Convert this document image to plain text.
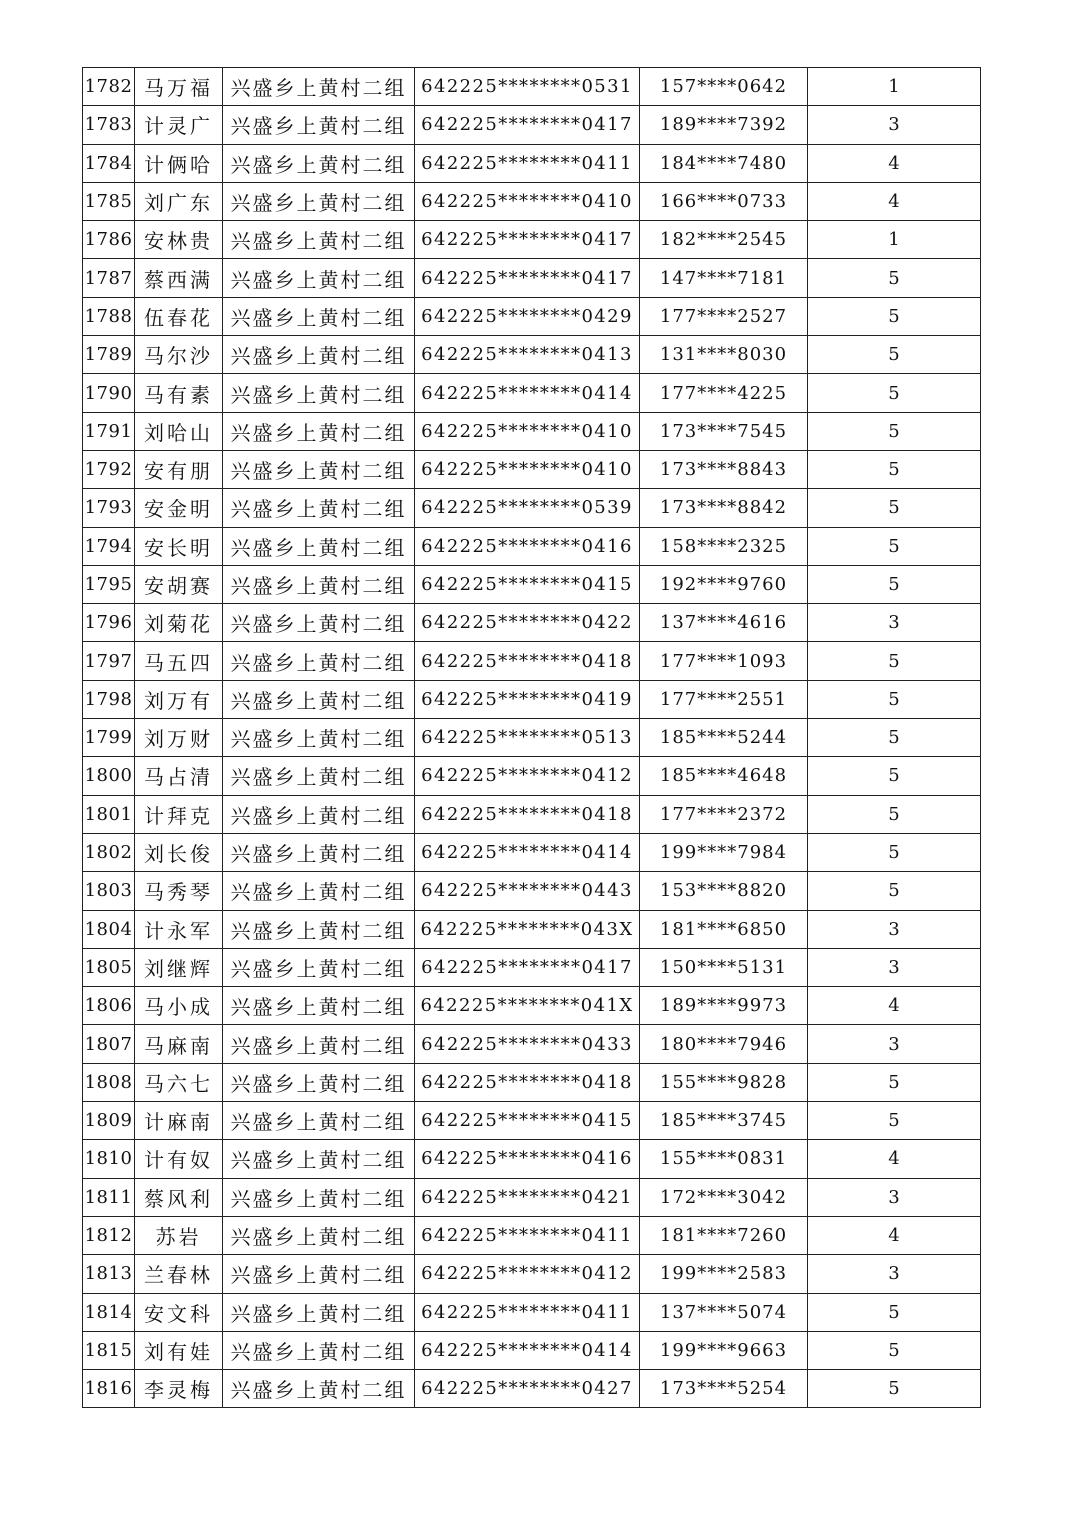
1782	马万福	兴盛乡上黄村二组	642225********0531	157****0642	1
1783	计灵广	兴盛乡上黄村二组	642225********0417	189****7392	3
1784	计俩哈	兴盛乡上黄村二组	642225********0411	184****7480	4
1785	刘广东	兴盛乡上黄村二组	642225********0410	166****0733	4
1786	安林贵	兴盛乡上黄村二组	642225********0417	182****2545	1
1787	蔡西满	兴盛乡上黄村二组	642225********0417	147****7181	5
1788	伍春花	兴盛乡上黄村二组	642225********0429	177****2527	5
1789	马尔沙	兴盛乡上黄村二组	642225********0413	131****8030	5
1790	马有素	兴盛乡上黄村二组	642225********0414	177****4225	5
1791	刘哈山	兴盛乡上黄村二组	642225********0410	173****7545	5
1792	安有朋	兴盛乡上黄村二组	642225********0410	173****8843	5
1793	安金明	兴盛乡上黄村二组	642225********0539	173****8842	5
1794	安长明	兴盛乡上黄村二组	642225********0416	158****2325	5
1795	安胡赛	兴盛乡上黄村二组	642225********0415	192****9760	5
1796	刘菊花	兴盛乡上黄村二组	642225********0422	137****4616	3
1797	马五四	兴盛乡上黄村二组	642225********0418	177****1093	5
1798	刘万有	兴盛乡上黄村二组	642225********0419	177****2551	5
1799	刘万财	兴盛乡上黄村二组	642225********0513	185****5244	5
1800	马占清	兴盛乡上黄村二组	642225********0412	185****4648	5
1801	计拜克	兴盛乡上黄村二组	642225********0418	177****2372	5
1802	刘长俊	兴盛乡上黄村二组	642225********0414	199****7984	5
1803	马秀琴	兴盛乡上黄村二组	642225********0443	153****8820	5
1804	计永军	兴盛乡上黄村二组	642225********043X	181****6850	3
1805	刘继辉	兴盛乡上黄村二组	642225********0417	150****5131	3
1806	马小成	兴盛乡上黄村二组	642225********041X	189****9973	4
1807	马麻南	兴盛乡上黄村二组	642225********0433	180****7946	3
1808	马六七	兴盛乡上黄村二组	642225********0418	155****9828	5
1809	计麻南	兴盛乡上黄村二组	642225********0415	185****3745	5
1810	计有奴	兴盛乡上黄村二组	642225********0416	155****0831	4
1811	蔡风利	兴盛乡上黄村二组	642225********0421	172****3042	3
1812	苏岩	兴盛乡上黄村二组	642225********0411	181****7260	4
1813	兰春林	兴盛乡上黄村二组	642225********0412	199****2583	3
1814	安文科	兴盛乡上黄村二组	642225********0411	137****5074	5
1815	刘有娃	兴盛乡上黄村二组	642225********0414	199****9663	5
1816	李灵梅	兴盛乡上黄村二组	642225********0427	173****5254	5
